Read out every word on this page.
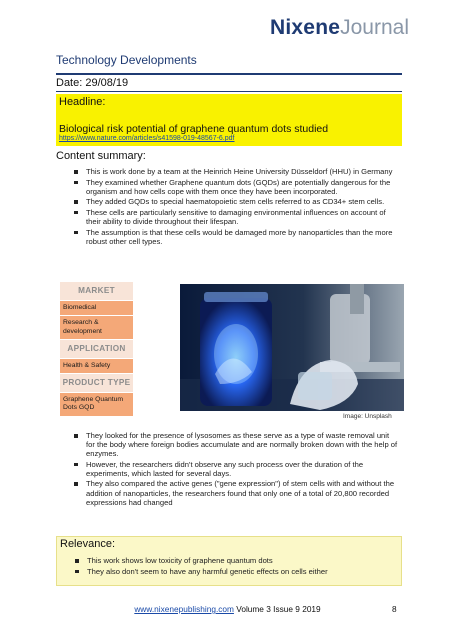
NixeneJournal
Technology Developments
Date: 29/08/19
Headline:
Biological risk potential of graphene quantum dots studied
https://www.nature.com/articles/s41598-019-48567-6.pdf
Content summary:
This is work done by a team at the Heinrich Heine University Düsseldorf (HHU) in Germany
They examined whether Graphene quantum dots (GQDs) are potentially dangerous for the organism and how cells cope with them once they have been incorporated.
They added GQDs to special haematopoietic stem cells referred to as CD34+ stem cells.
These cells are particularly sensitive to damaging environmental influences on account of their ability to divide throughout their lifespan.
The assumption is that these cells would be damaged more by nanoparticles than the more robust other cell types.
MARKET
Biomedical
Research & development
APPLICATION
Health & Safety
PRODUCT TYPE
Graphene Quantum Dots GQD
Image: Unsplash
They looked for the presence of lysosomes as these serve as a type of waste removal unit for the body where foreign bodies accumulate and are normally broken down with the help of enzymes.
However, the researchers didn't observe any such process over the duration of the experiments, which lasted for several days.
They also compared the active genes ("gene expression") of stem cells with and without the addition of nanoparticles, the researchers found that only one of a total of 20,800 recorded expressions had changed
Relevance:
This work shows low toxicity of graphene quantum dots
They also don't seem to have any harmful genetic effects on cells either
www.nixenepublishing.com Volume 3 Issue 9 2019	8
